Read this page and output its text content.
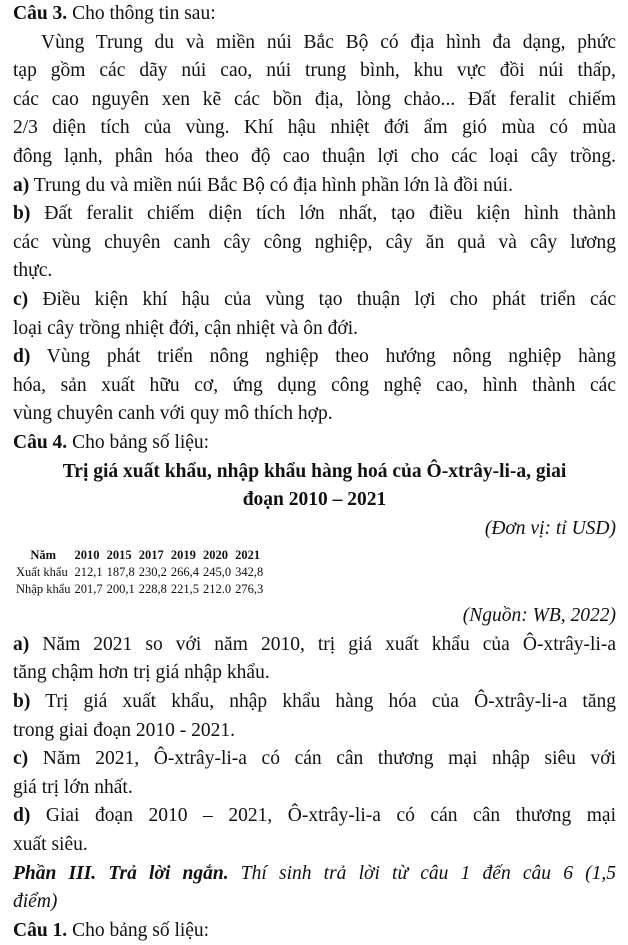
Câu 3. Cho thông tin sau:
Vùng Trung du và miền núi Bắc Bộ có địa hình đa dạng, phức
tạp gồm các dãy núi cao, núi trung bình, khu vực đồi núi thấp,
các cao nguyên xen kẽ các bồn địa, lòng chảo... Đất feralit chiếm
2/3 diện tích của vùng. Khí hậu nhiệt đới ẩm gió mùa có mùa
đông lạnh, phân hóa theo độ cao thuận lợi cho các loại cây trồng.
a) Trung du và miền núi Bắc Bộ có địa hình phần lớn là đồi núi.
b) Đất feralit chiếm diện tích lớn nhất, tạo điều kiện hình thành
các vùng chuyên canh cây công nghiệp, cây ăn quả và cây lương
thực.
c) Điều kiện khí hậu của vùng tạo thuận lợi cho phát triển các
loại cây trồng nhiệt đới, cận nhiệt và ôn đới.
d) Vùng phát triển nông nghiệp theo hướng nông nghiệp hàng
hóa, sản xuất hữu cơ, ứng dụng công nghệ cao, hình thành các
vùng chuyên canh với quy mô thích hợp.
Câu 4. Cho bảng số liệu:
Trị giá xuất khẩu, nhập khẩu hàng hoá của Ô-xtrây-li-a, giai
đoạn 2010 – 2021
(Đơn vị: tỉ USD)
Năm	2010	2015	2017	2019	2020	2021
Xuất khẩu	212,1	187,8	230,2	266,4	245,0	342,8
Nhập khẩu	201,7	200,1	228,8	221,5	212.0	276,3
(Nguồn: WB, 2022)
a) Năm 2021 so với năm 2010, trị giá xuất khẩu của Ô-xtrây-li-a
tăng chậm hơn trị giá nhập khẩu.
b) Trị giá xuất khẩu, nhập khẩu hàng hóa của Ô-xtrây-li-a tăng
trong giai đoạn 2010 - 2021.
c) Năm 2021, Ô-xtrây-li-a có cán cân thương mại nhập siêu với
giá trị lớn nhất.
d) Giai đoạn 2010 – 2021, Ô-xtrây-li-a có cán cân thương mại
xuất siêu.
Phần III. Trả lời ngắn. Thí sinh trả lời từ câu 1 đến câu 6 (1,5
điểm)
Câu 1. Cho bảng số liệu:
